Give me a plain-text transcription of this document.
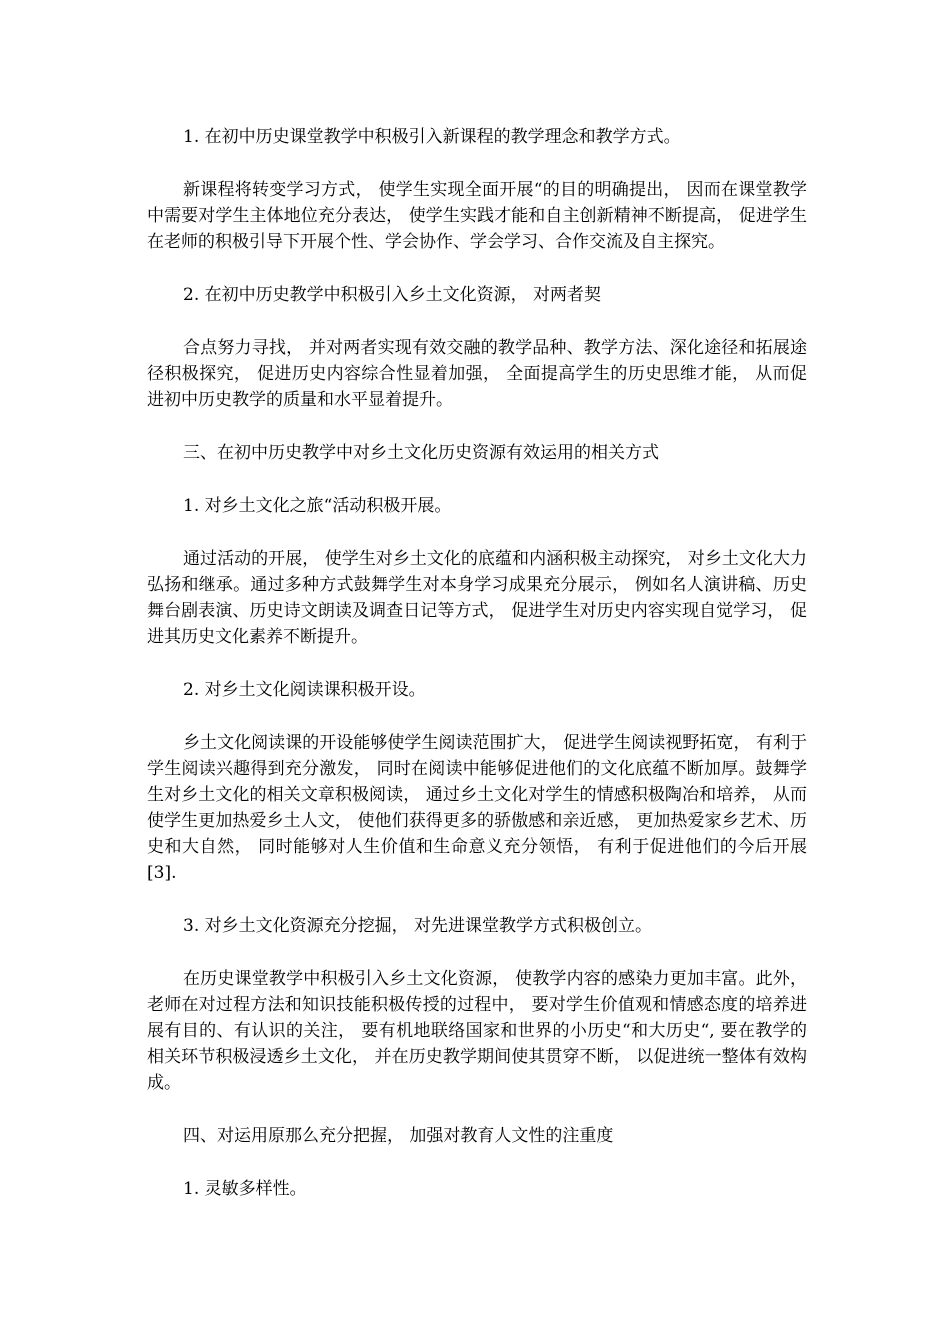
1. 在初中历史课堂教学中积极引入新课程的教学理念和教学方式。

新课程将转变学习方式， 使学生实现全面开展“的目的明确提出， 因而在课堂教学中需要对学生主体地位充分表达， 使学生实践才能和自主创新精神不断提高， 促进学生在老师的积极引导下开展个性、学会协作、学会学习、合作交流及自主探究。

2. 在初中历史教学中积极引入乡土文化资源， 对两者契

合点努力寻找， 并对两者实现有效交融的教学品种、教学方法、深化途径和拓展途径积极探究， 促进历史内容综合性显着加强， 全面提高学生的历史思维才能， 从而促进初中历史教学的质量和水平显着提升。

三、在初中历史教学中对乡土文化历史资源有效运用的相关方式

1. 对乡土文化之旅“活动积极开展。

通过活动的开展， 使学生对乡土文化的底蕴和内涵积极主动探究， 对乡土文化大力弘扬和继承。通过多种方式鼓舞学生对本身学习成果充分展示， 例如名人演讲稿、历史舞台剧表演、历史诗文朗读及调查日记等方式， 促进学生对历史内容实现自觉学习， 促进其历史文化素养不断提升。

2. 对乡土文化阅读课积极开设。

乡土文化阅读课的开设能够使学生阅读范围扩大， 促进学生阅读视野拓宽， 有利于学生阅读兴趣得到充分激发， 同时在阅读中能够促进他们的文化底蕴不断加厚。鼓舞学生对乡土文化的相关文章积极阅读， 通过乡土文化对学生的情感积极陶冶和培养， 从而使学生更加热爱乡土人文， 使他们获得更多的骄傲感和亲近感， 更加热爱家乡艺术、历史和大自然， 同时能够对人生价值和生命意义充分领悟， 有利于促进他们的今后开展[3].

3. 对乡土文化资源充分挖掘， 对先进课堂教学方式积极创立。

在历史课堂教学中积极引入乡土文化资源， 使教学内容的感染力更加丰富。此外， 老师在对过程方法和知识技能积极传授的过程中， 要对学生价值观和情感态度的培养进展有目的、有认识的关注， 要有机地联络国家和世界的小历史“和大历史“, 要在教学的相关环节积极浸透乡土文化， 并在历史教学期间使其贯穿不断， 以促进统一整体有效构成。

四、对运用原那么充分把握， 加强对教育人文性的注重度

1. 灵敏多样性。
